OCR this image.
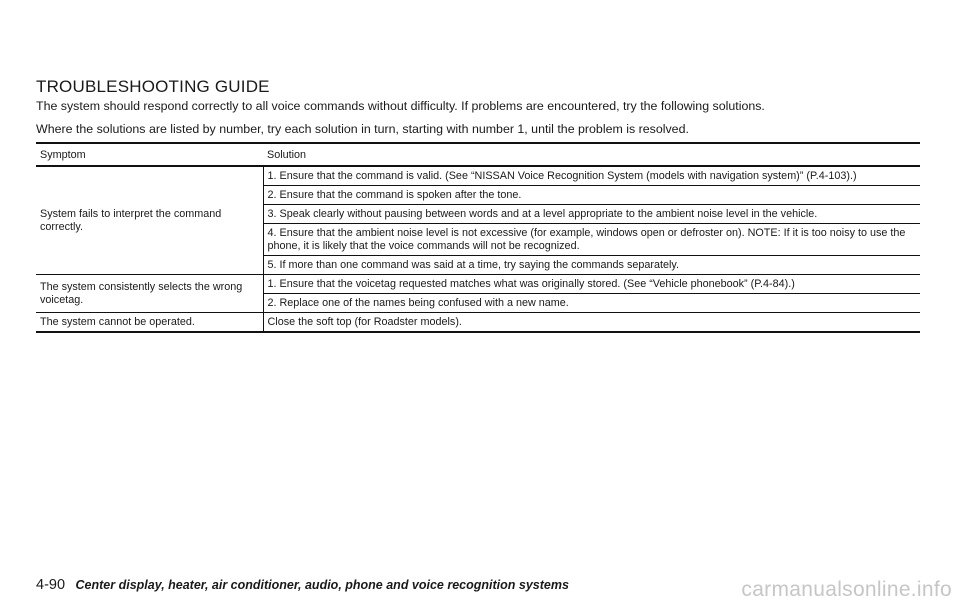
TROUBLESHOOTING GUIDE
The system should respond correctly to all voice commands without difficulty. If problems are encountered, try the following solutions.
Where the solutions are listed by number, try each solution in turn, starting with number 1, until the problem is resolved.
Symptom	Solution
System fails to interpret the command correctly.	1. Ensure that the command is valid. (See “NISSAN Voice Recognition System (models with navigation system)” (P.4-103).)
	2. Ensure that the command is spoken after the tone.
	3. Speak clearly without pausing between words and at a level appropriate to the ambient noise level in the vehicle.
	4. Ensure that the ambient noise level is not excessive (for example, windows open or defroster on). NOTE: If it is too noisy to use the phone, it is likely that the voice commands will not be recognized.
	5. If more than one command was said at a time, try saying the commands separately.
The system consistently selects the wrong voicetag.	1. Ensure that the voicetag requested matches what was originally stored. (See “Vehicle phonebook” (P.4-84).)
	2. Replace one of the names being confused with a new name.
The system cannot be operated.	Close the soft top (for Roadster models).
4-90 Center display, heater, air conditioner, audio, phone and voice recognition systems	carmanualsonline.info
